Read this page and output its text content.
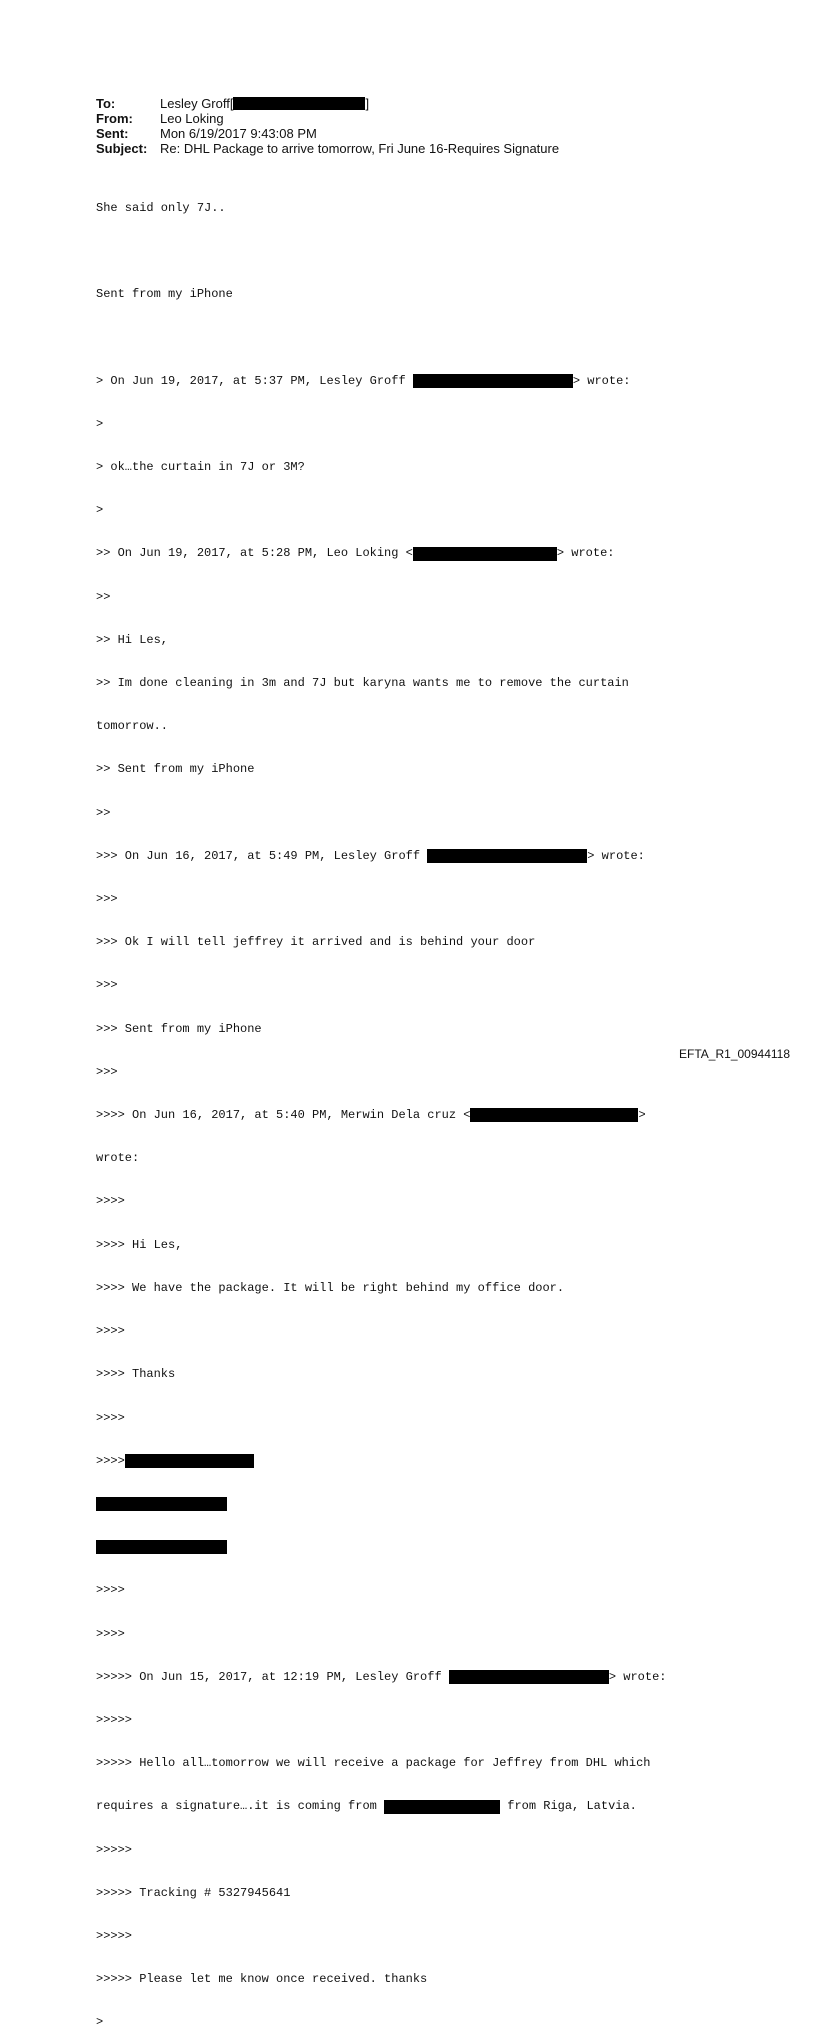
To:	Lesley Groff[	]
From:	Leo Loking
Sent:	Mon 6/19/2017 9:43:08 PM
Subject: Re: DHL Package to arrive tomorrow, Fri June 16-Requires Signature

She said only 7J..

Sent from my iPhone

> On Jun 19, 2017, at 5:37 PM, Lesley Groff	> wrote:

>

> ok…the curtain in 7J or 3M?

>

>> On Jun 19, 2017, at 5:28 PM, Leo Loking <	> wrote:

>>

>> Hi Les,

>> Im done cleaning in 3m and 7J but karyna wants me to remove the curtain

tomorrow..

>> Sent from my iPhone

>>

>>> On Jun 16, 2017, at 5:49 PM, Lesley Groff	> wrote:

>>>

>>> Ok I will tell jeffrey it arrived and is behind your door

>>>

>>> Sent from my iPhone

>>>

>>>> On Jun 16, 2017, at 5:40 PM, Merwin Dela cruz <	>

wrote:

>>>>

>>>> Hi Les,

>>>> We have the package. It will be right behind my office door.

>>>>

>>>> Thanks

>>>>

>>>>

>>>>

>>>>

>>>>> On Jun 15, 2017, at 12:19 PM, Lesley Groff	> wrote:

>>>>>

>>>>> Hello all…tomorrow we will receive a package for Jeffrey from DHL which

requires a signature….it is coming from	from Riga, Latvia.

>>>>>

>>>>> Tracking # 5327945641

>>>>>

>>>>> Please let me know once received. thanks

>

EFTA_R1_00944118
